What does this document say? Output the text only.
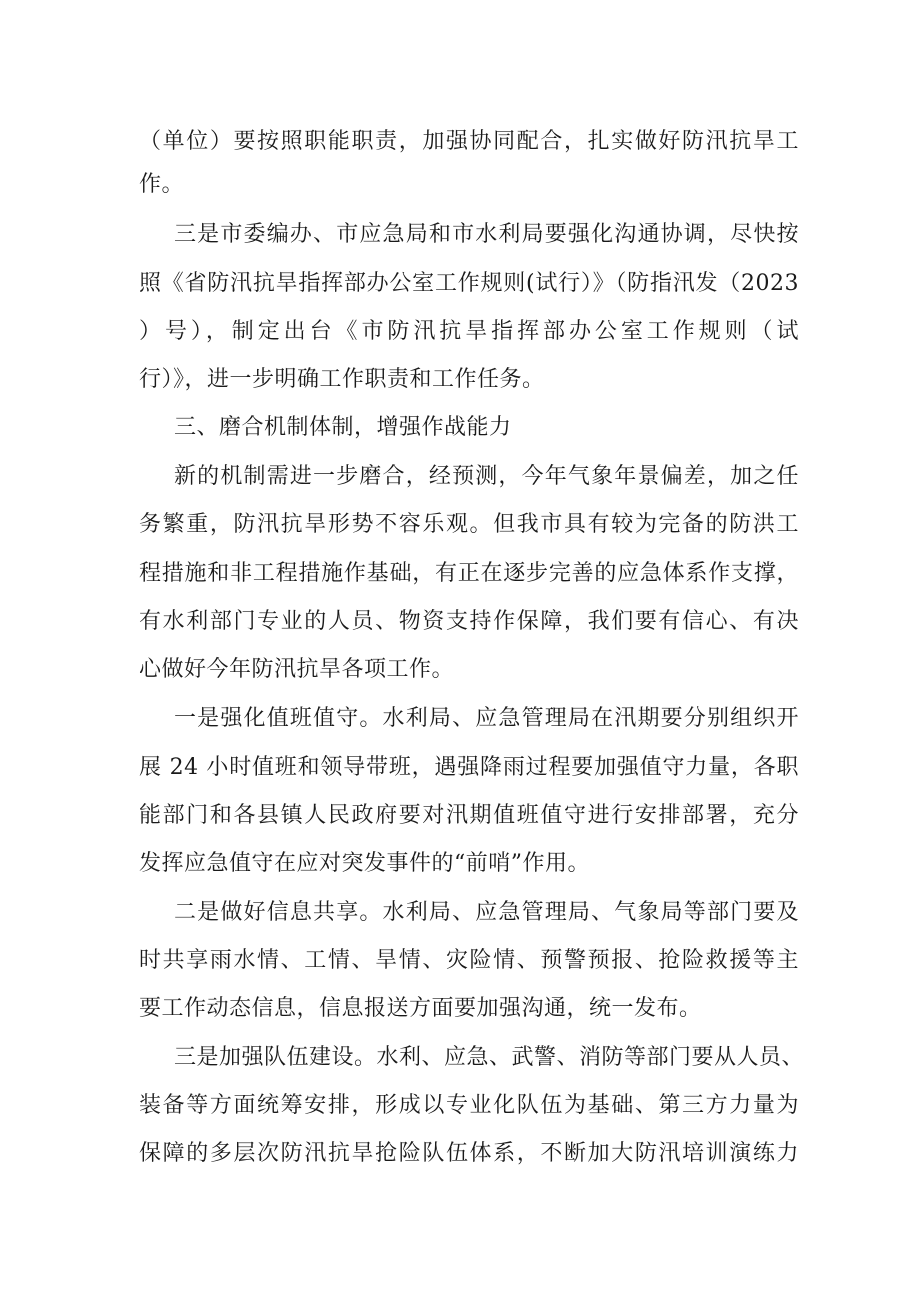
（单位）要按照职能职责，加强协同配合，扎实做好防汛抗旱工
作。
三是市委编办、市应急局和市水利局要强化沟通协调，尽快按
照《省防汛抗旱指挥部办公室工作规则(试行）》（防指汛发（2023
）号），制定出台《市防汛抗旱指挥部办公室工作规则（试
行）》，进一步明确工作职责和工作任务。
三、磨合机制体制，增强作战能力
新的机制需进一步磨合，经预测，今年气象年景偏差，加之任
务繁重，防汛抗旱形势不容乐观。但我市具有较为完备的防洪工
程措施和非工程措施作基础，有正在逐步完善的应急体系作支撑，
有水利部门专业的人员、物资支持作保障，我们要有信心、有决
心做好今年防汛抗旱各项工作。
一是强化值班值守。水利局、应急管理局在汛期要分别组织开
展 24 小时值班和领导带班，遇强降雨过程要加强值守力量，各职
能部门和各县镇人民政府要对汛期值班值守进行安排部署，充分
发挥应急值守在应对突发事件的“前哨”作用。
二是做好信息共享。水利局、应急管理局、气象局等部门要及
时共享雨水情、工情、旱情、灾险情、预警预报、抢险救援等主
要工作动态信息，信息报送方面要加强沟通，统一发布。
三是加强队伍建设。水利、应急、武警、消防等部门要从人员、
装备等方面统筹安排，形成以专业化队伍为基础、第三方力量为
保障的多层次防汛抗旱抢险队伍体系，不断加大防汛培训演练力
